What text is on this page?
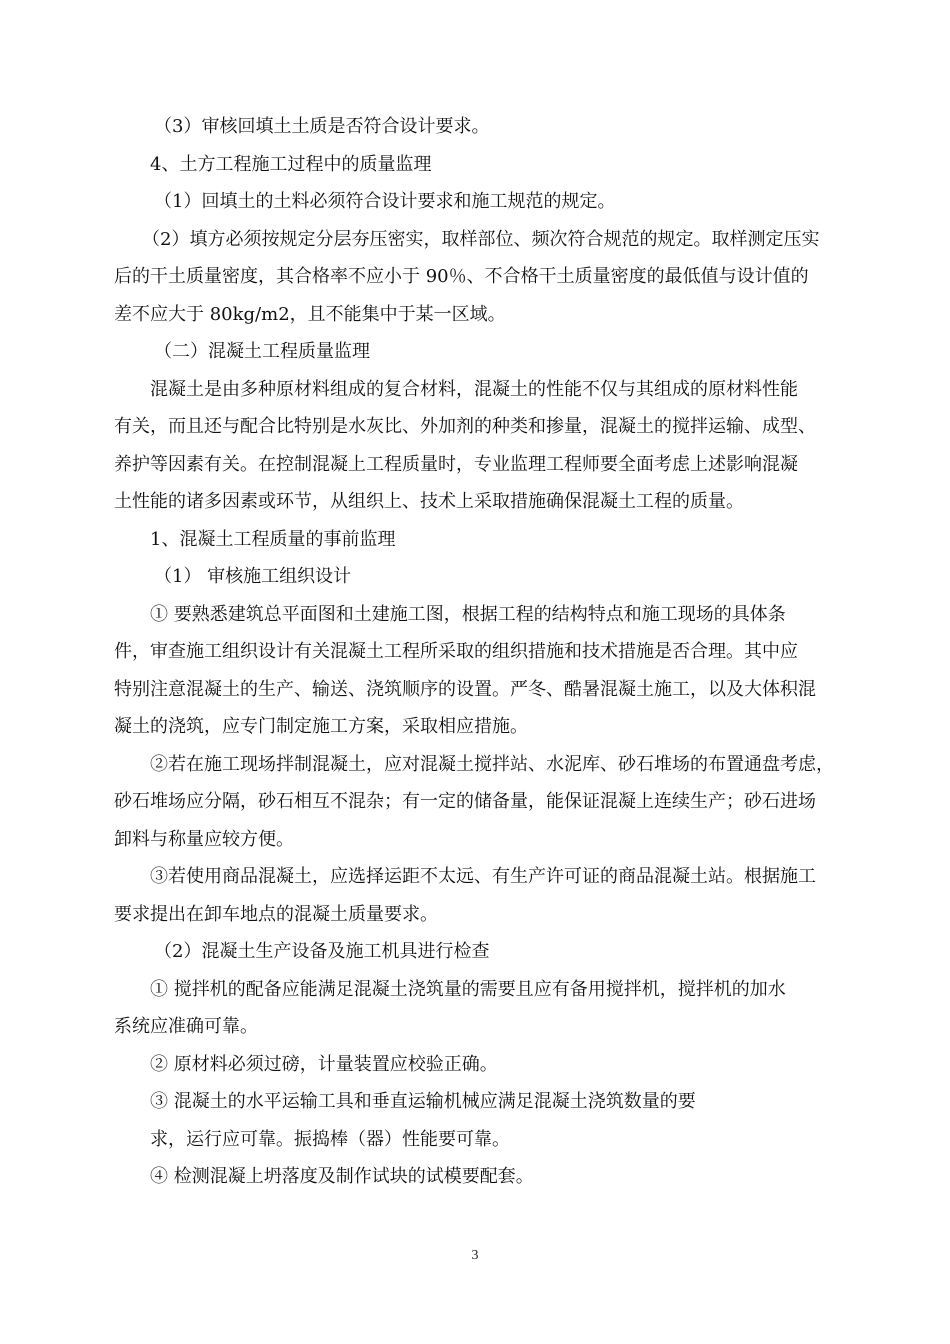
（3）审核回填土土质是否符合设计要求。

4、土方工程施工过程中的质量监理

（1）回填土的土料必须符合设计要求和施工规范的规定。

（2）填方必须按规定分层夯压密实，取样部位、频次符合规范的规定。取样测定压实

后的干土质量密度，其合格率不应小于 90％、不合格干土质量密度的最低值与设计值的

差不应大于 80kg/m2，且不能集中于某一区域。

（二）混凝土工程质量监理

混凝土是由多种原材料组成的复合材料，混凝土的性能不仅与其组成的原材料性能

有关，而且还与配合比特别是水灰比、外加剂的种类和掺量，混凝土的搅拌运输、成型、

养护等因素有关。在控制混凝上工程质量时，专业监理工程师要全面考虑上述影响混凝

土性能的诸多因素或环节，从组织上、技术上采取措施确保混凝土工程的质量。

1、混凝土工程质量的事前监理

（1） 审核施工组织设计

① 要熟悉建筑总平面图和土建施工图，根据工程的结构特点和施工现场的具体条

件，审查施工组织设计有关混凝土工程所采取的组织措施和技术措施是否合理。其中应

特别注意混凝土的生产、输送、浇筑顺序的设置。严冬、酷暑混凝土施工，以及大体积混

凝土的浇筑，应专门制定施工方案，采取相应措施。

②若在施工现场拌制混凝土，应对混凝土搅拌站、水泥库、砂石堆场的布置通盘考虑，

砂石堆场应分隔，砂石相互不混杂；有一定的储备量，能保证混凝上连续生产；砂石进场

卸料与称量应较方便。

③若使用商品混凝土，应选择运距不太远、有生产许可证的商品混凝土站。根据施工

要求提出在卸车地点的混凝土质量要求。

（2）混凝土生产设备及施工机具进行检查

① 搅拌机的配备应能满足混凝土浇筑量的需要且应有备用搅拌机，搅拌机的加水

系统应准确可靠。

② 原材料必须过磅，计量装置应校验正确。

③ 混凝土的水平运输工具和垂直运输机械应满足混凝土浇筑数量的要

求，运行应可靠。振捣棒（器）性能要可靠。

④ 检测混凝上坍落度及制作试块的试模要配套。

3
